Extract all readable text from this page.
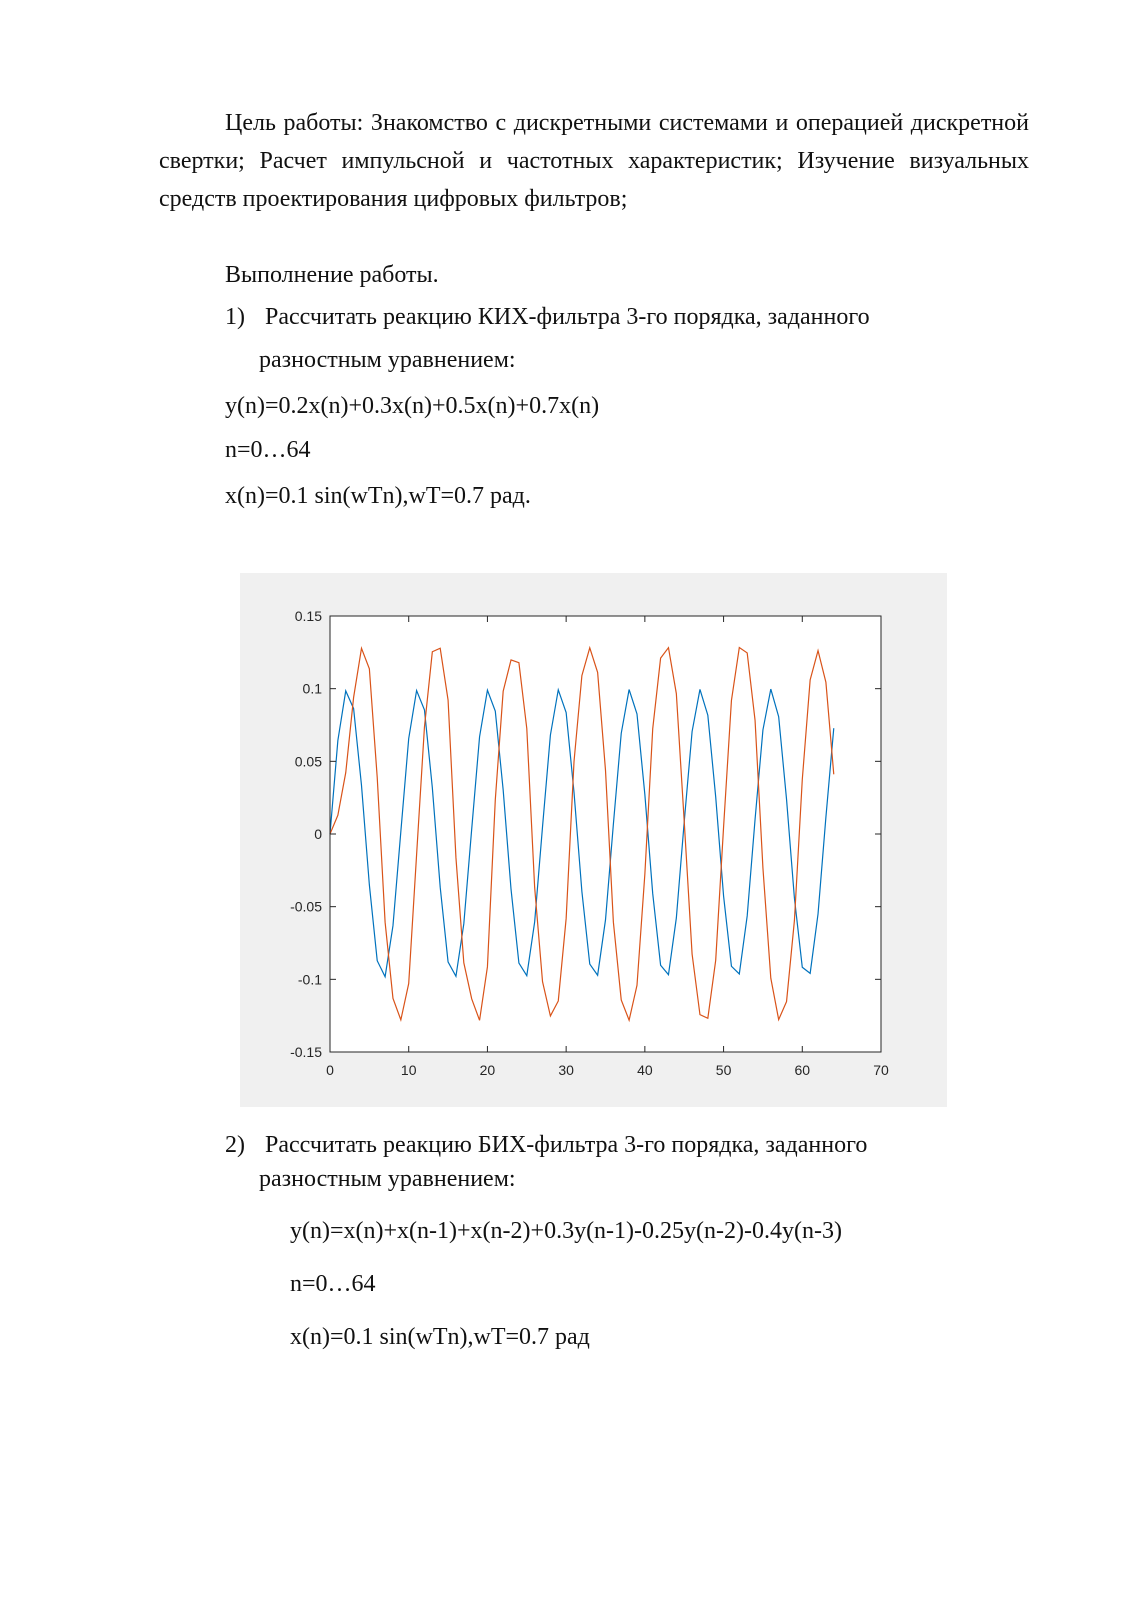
Цель работы: Знакомство с дискретными системами и операцией дискретной свертки; Расчет импульсной и частотных характеристик; Изучение визуальных средств проектирования цифровых фильтров;
Выполнение работы.
1) Рассчитать реакцию КИХ-фильтра 3-го порядка, заданного
разностным уравнением:
y(n)=0.2x(n)+0.3x(n)+0.5x(n)+0.7x(n)
n=0…64
x(n)=0.1 sin(wTn),wT=0.7 рад.
0	10	20	30	40	50	60	70
0.15
0.1
0.05
0
-0.05
-0.1
-0.15
2) Рассчитать реакцию БИХ-фильтра 3-го порядка, заданного
разностным уравнением:
y(n)=x(n)+x(n-1)+x(n-2)+0.3y(n-1)-0.25y(n-2)-0.4y(n-3)
n=0…64
x(n)=0.1 sin(wTn),wT=0.7 рад
